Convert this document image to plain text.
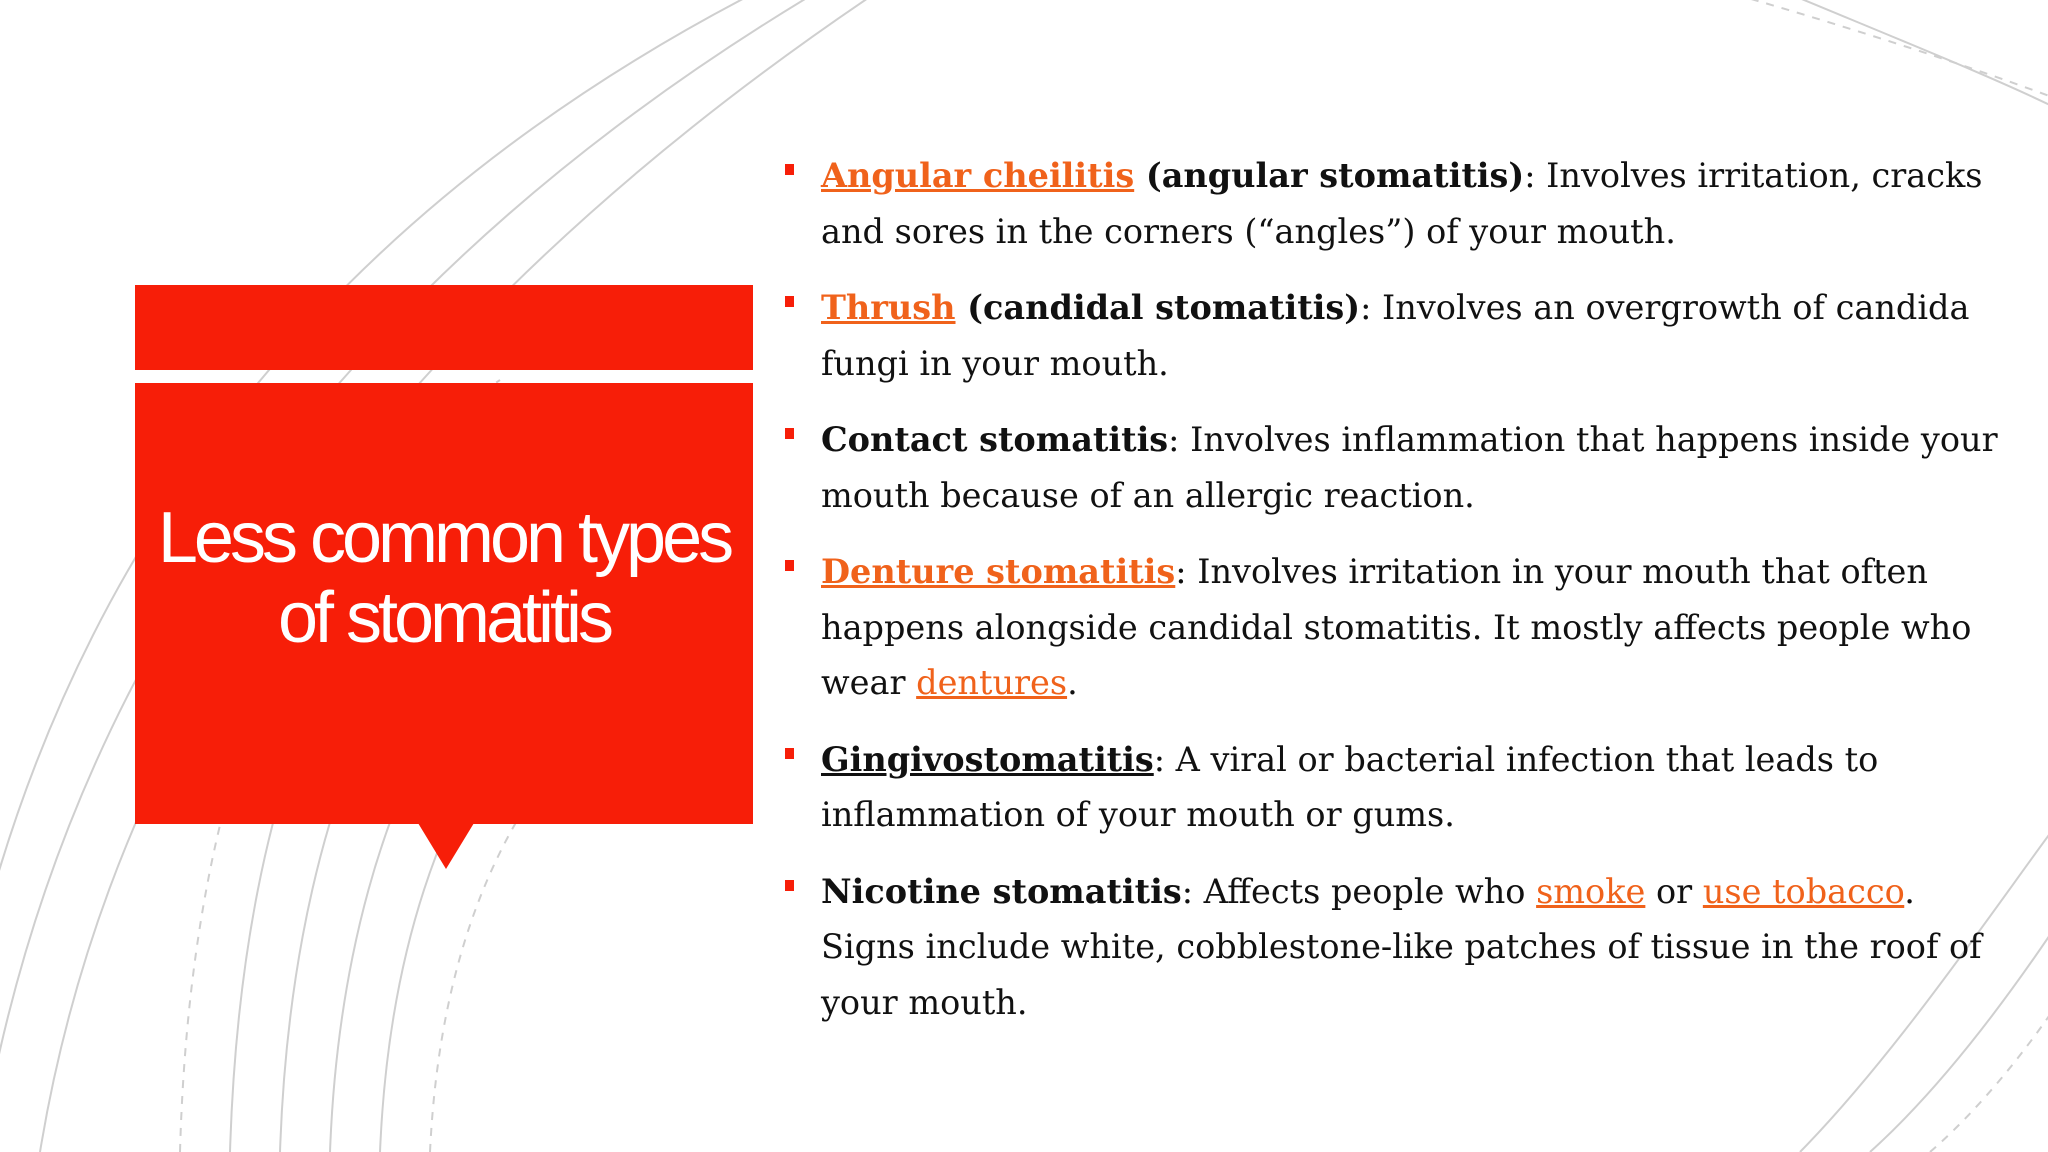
Less common types of stomatitis
Angular cheilitis (angular stomatitis): Involves irritation, cracks and sores in the corners (“angles”) of your mouth.
Thrush (candidal stomatitis): Involves an overgrowth of candida fungi in your mouth.
Contact stomatitis: Involves inflammation that happens inside your mouth because of an allergic reaction.
Denture stomatitis: Involves irritation in your mouth that often happens alongside candidal stomatitis. It mostly affects people who wear dentures.
Gingivostomatitis: A viral or bacterial infection that leads to inflammation of your mouth or gums.
Nicotine stomatitis: Affects people who smoke or use tobacco. Signs include white, cobblestone-like patches of tissue in the roof of your mouth.
